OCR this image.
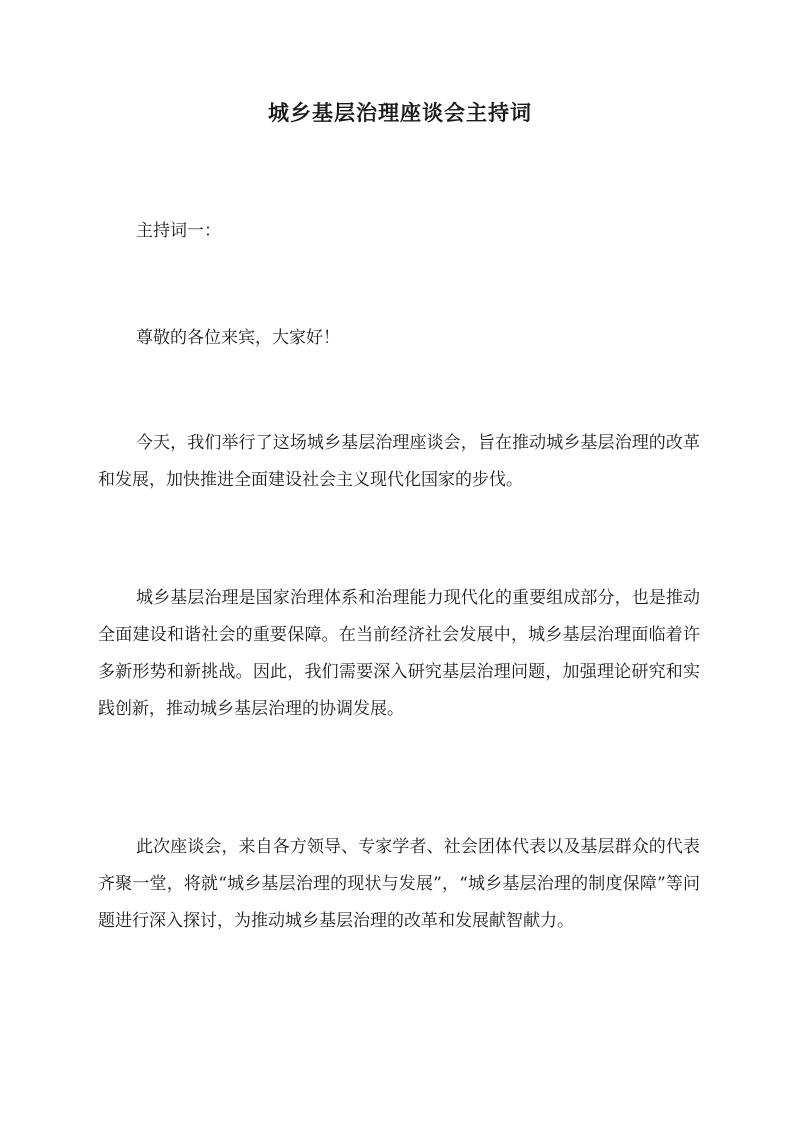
城乡基层治理座谈会主持词

主持词一：

尊敬的各位来宾，大家好！

今天，我们举行了这场城乡基层治理座谈会，旨在推动城乡基层治理的改革和发展，加快推进全面建设社会主义现代化国家的步伐。

城乡基层治理是国家治理体系和治理能力现代化的重要组成部分，也是推动全面建设和谐社会的重要保障。在当前经济社会发展中，城乡基层治理面临着许多新形势和新挑战。因此，我们需要深入研究基层治理问题，加强理论研究和实践创新，推动城乡基层治理的协调发展。

此次座谈会，来自各方领导、专家学者、社会团体代表以及基层群众的代表齐聚一堂，将就“城乡基层治理的现状与发展”，“城乡基层治理的制度保障”等问题进行深入探讨，为推动城乡基层治理的改革和发展献智献力。
